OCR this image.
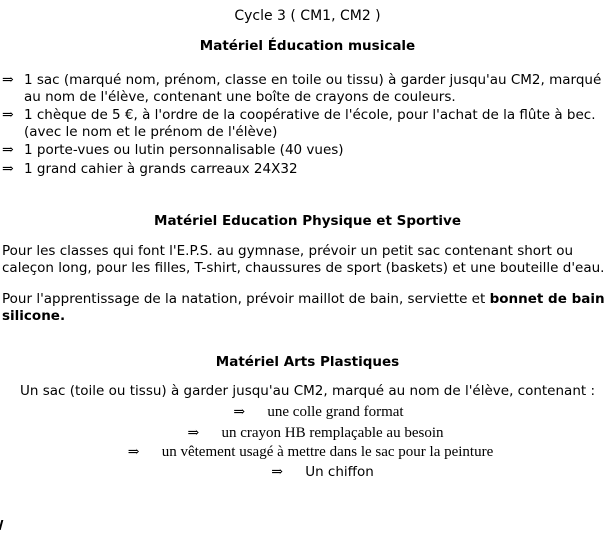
Cycle 3 ( CM1, CM2 )
Matériel Éducation musicale
⇒ 1 sac (marqué nom, prénom, classe en toile ou tissu) à garder jusqu'au CM2, marqué au nom de l'élève, contenant une boîte de crayons de couleurs.
⇒ 1 chèque de 5 €, à l'ordre de la coopérative de l'école, pour l'achat de la flûte à bec. (avec le nom et le prénom de l'élève)
⇒ 1 porte-vues ou lutin personnalisable (40 vues)
⇒ 1 grand cahier à grands carreaux 24X32
Matériel Education Physique et Sportive
Pour les classes qui font l'E.P.S. au gymnase, prévoir un petit sac contenant short ou caleçon long, pour les filles, T-shirt, chaussures de sport (baskets) et une bouteille d'eau.
Pour l'apprentissage de la natation, prévoir maillot de bain, serviette et bonnet de bain silicone.
Matériel Arts Plastiques
Un sac (toile ou tissu) à garder jusqu'au CM2, marqué au nom de l'élève, contenant :
⇒ une colle grand format
⇒ un crayon HB remplaçable au besoin
⇒ un vêtement usagé à mettre dans le sac pour la peinture
⇒ Un chiffon
